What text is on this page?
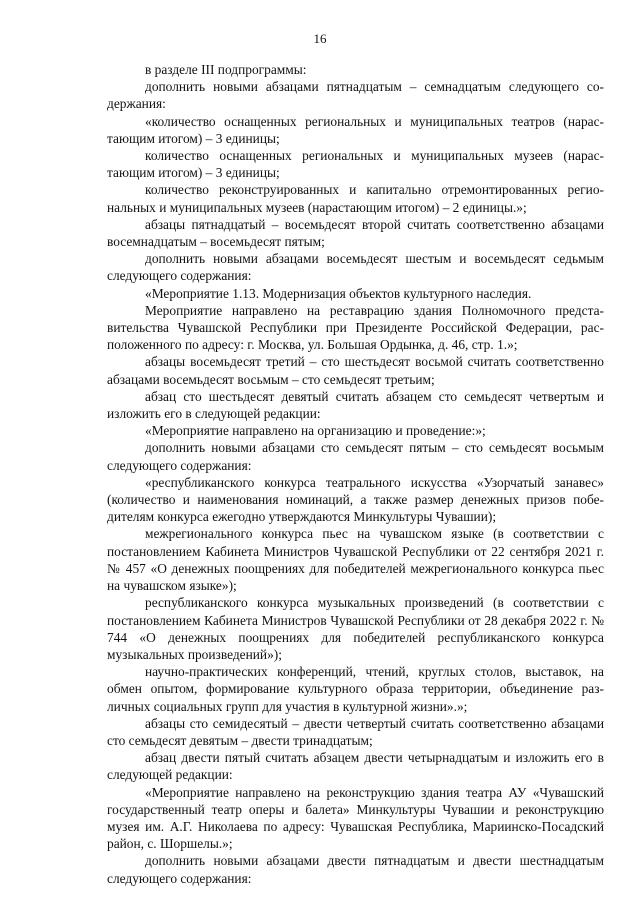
16

в разделе III подпрограммы:

дополнить новыми абзацами пятнадцатым – семнадцатым следующего содержания:

«количество оснащенных региональных и муниципальных театров (нарастающим итогом) – 3 единицы;

количество оснащенных региональных и муниципальных музеев (нарастающим итогом) – 3 единицы;

количество реконструированных и капитально отремонтированных региональных и муниципальных музеев (нарастающим итогом) – 2 единицы.»;

абзацы пятнадцатый – восемьдесят второй считать соответственно абзацами восемнадцатым – восемьдесят пятым;

дополнить новыми абзацами восемьдесят шестым и восемьдесят седьмым следующего содержания:

«Мероприятие 1.13. Модернизация объектов культурного наследия.

Мероприятие направлено на реставрацию здания Полномочного представительства Чувашской Республики при Президенте Российской Федерации, расположенного по адресу: г. Москва, ул. Большая Ордынка, д. 46, стр. 1.»;

абзацы восемьдесят третий – сто шестьдесят восьмой считать соответственно абзацами восемьдесят восьмым – сто семьдесят третьим;

абзац сто шестьдесят девятый считать абзацем сто семьдесят четвертым и изложить его в следующей редакции:

«Мероприятие направлено на организацию и проведение:»;

дополнить новыми абзацами сто семьдесят пятым – сто семьдесят восьмым следующего содержания:

«республиканского конкурса театрального искусства «Узорчатый занавес» (количество и наименования номинаций, а также размер денежных призов победителям конкурса ежегодно утверждаются Минкультуры Чувашии);

межрегионального конкурса пьес на чувашском языке (в соответствии с постановлением Кабинета Министров Чувашской Республики от 22 сентября 2021 г. № 457 «О денежных поощрениях для победителей межрегионального конкурса пьес на чувашском языке»);

республиканского конкурса музыкальных произведений (в соответствии с постановлением Кабинета Министров Чувашской Республики от 28 декабря 2022 г. № 744 «О денежных поощрениях для победителей республиканского конкурса музыкальных произведений»);

научно-практических конференций, чтений, круглых столов, выставок, на обмен опытом, формирование культурного образа территории, объединение различных социальных групп для участия в культурной жизни».»;

абзацы сто семидесятый – двести четвертый считать соответственно абзацами сто семьдесят девятым – двести тринадцатым;

абзац двести пятый считать абзацем двести четырнадцатым и изложить его в следующей редакции:

«Мероприятие направлено на реконструкцию здания театра АУ «Чувашский государственный театр оперы и балета» Минкультуры Чувашии и реконструкцию музея им. А.Г. Николаева по адресу: Чувашская Республика, Мариинско-Посадский район, с. Шоршелы.»;

дополнить новыми абзацами двести пятнадцатым и двести шестнадцатым следующего содержания:
